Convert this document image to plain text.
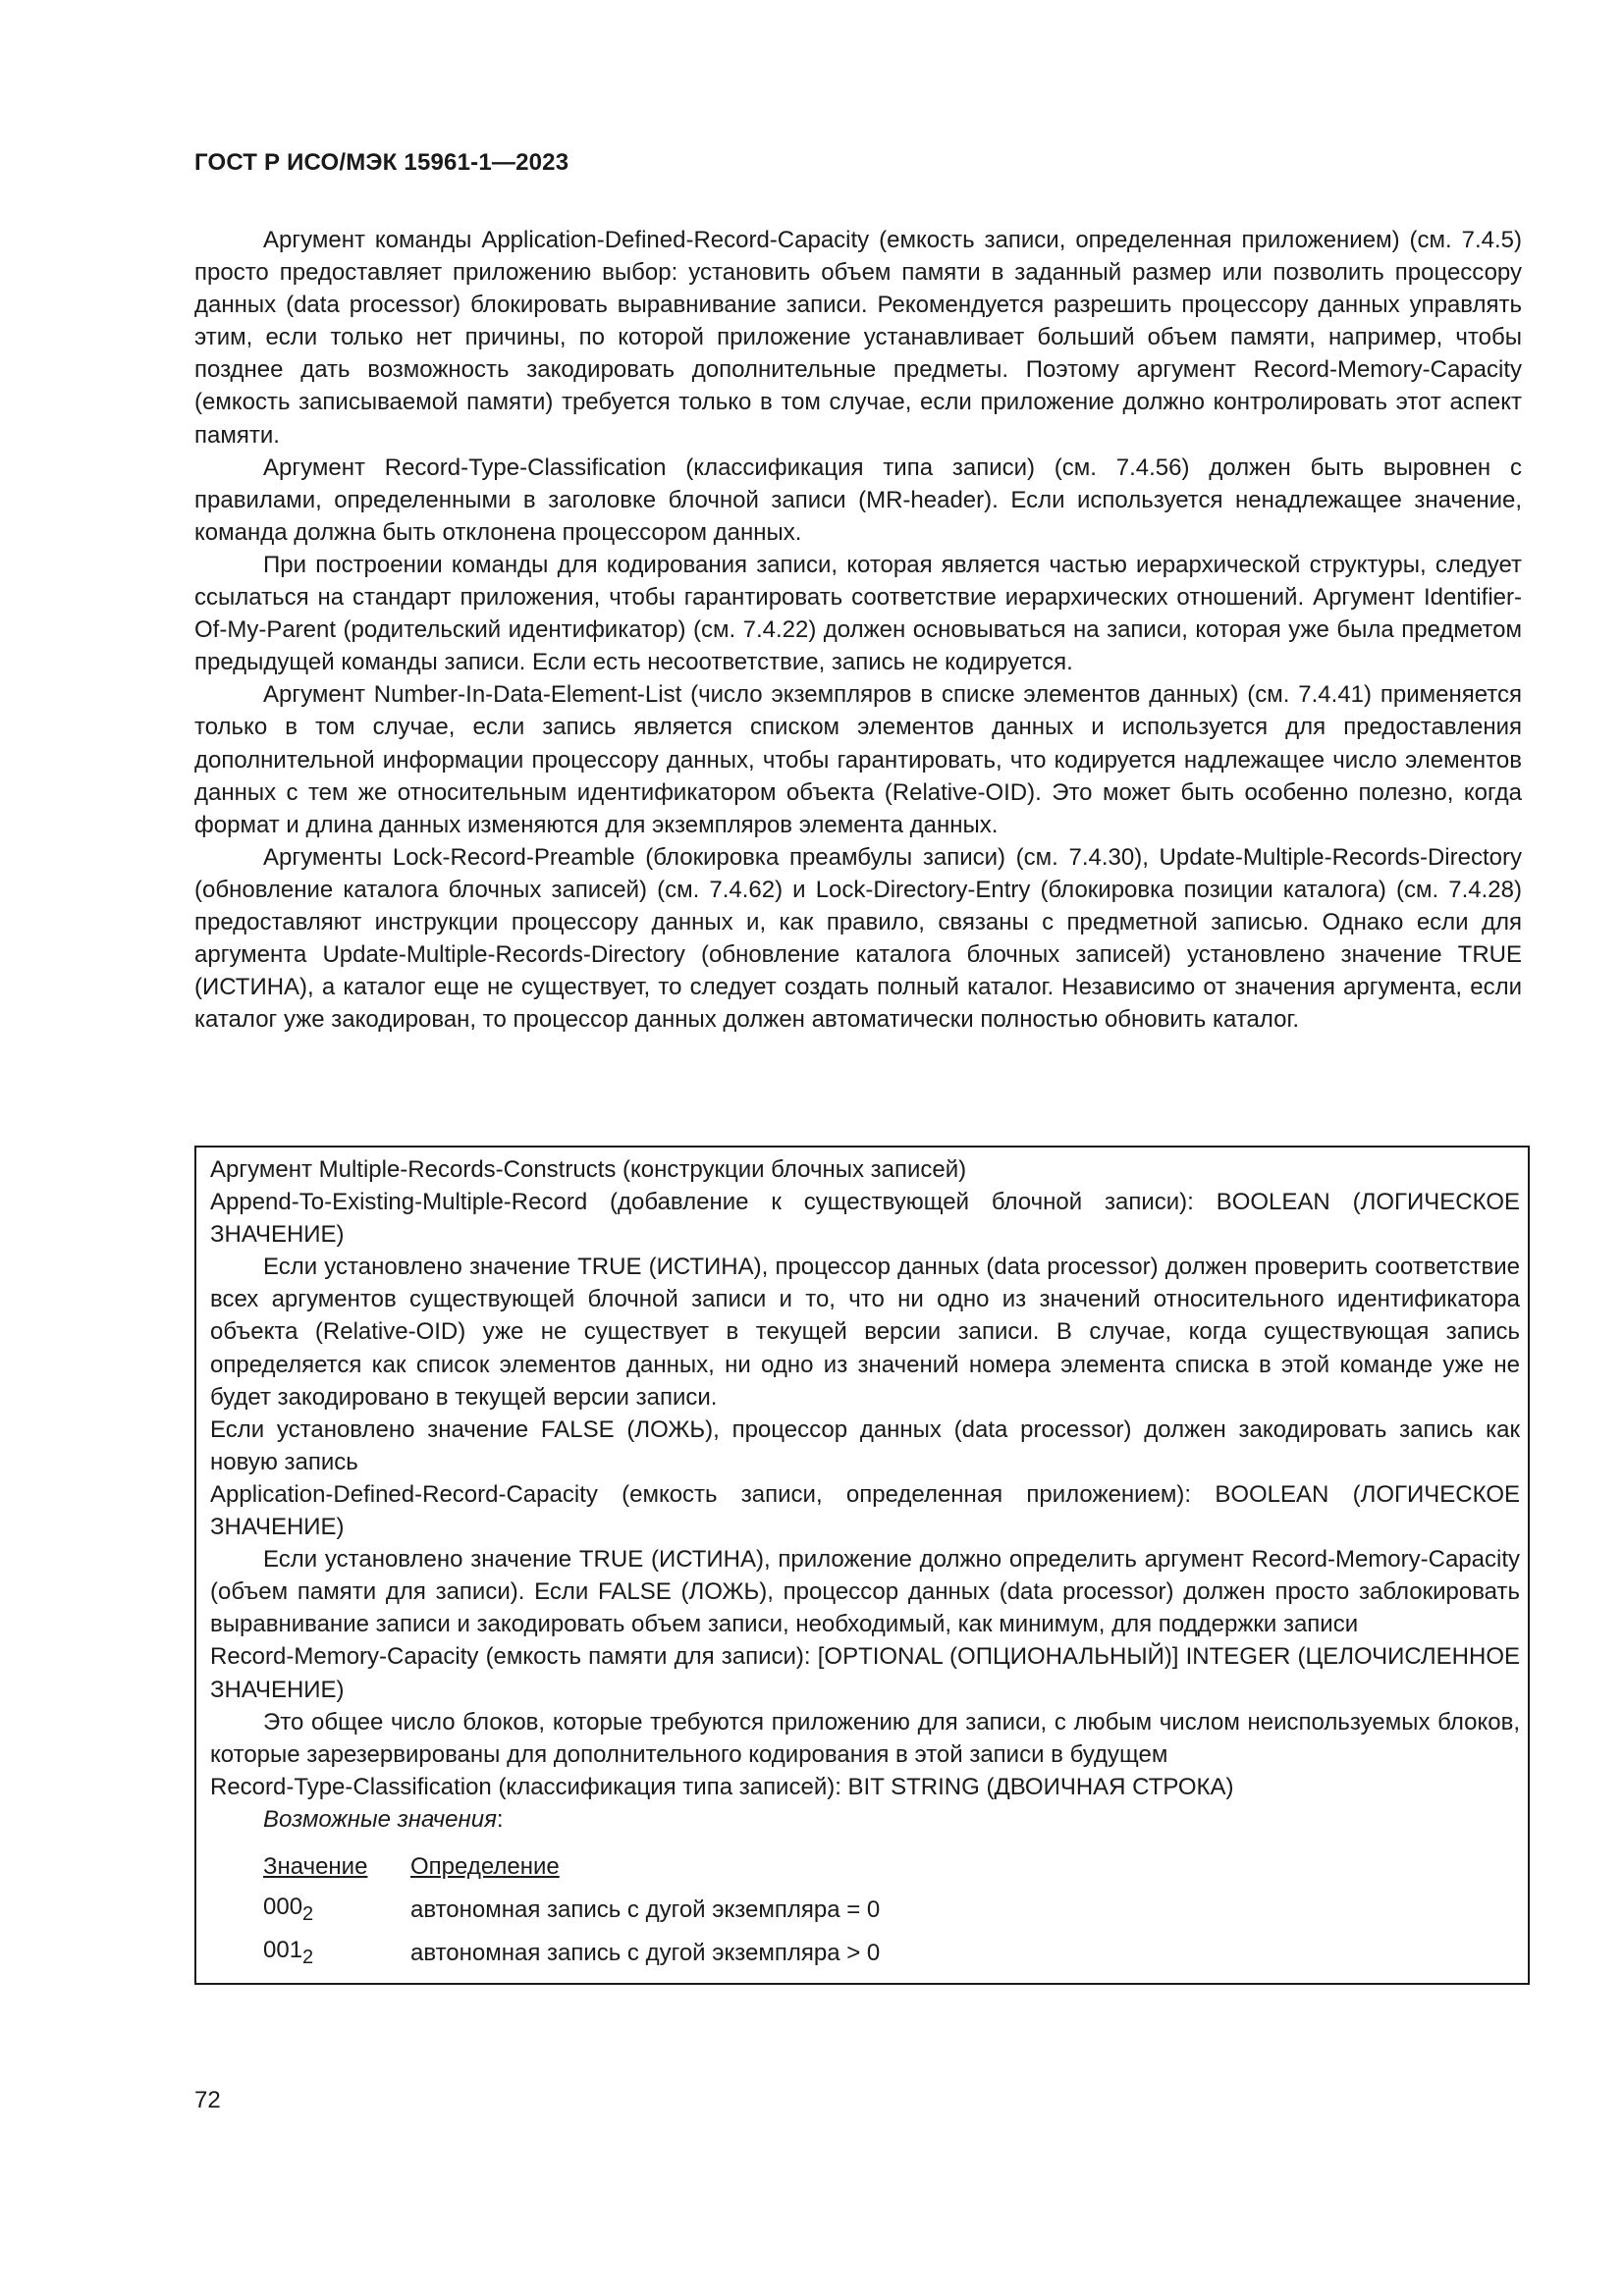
ГОСТ Р ИСО/МЭК 15961-1—2023

Аргумент команды Application-Defined-Record-Capacity (емкость записи, определенная приложением) (см. 7.4.5) просто предоставляет приложению выбор: установить объем памяти в заданный размер или позволить процессору данных (data processor) блокировать выравнивание записи. Рекомендуется разрешить процессору данных управлять этим, если только нет причины, по которой приложение устанавливает больший объем памяти, например, чтобы позднее дать возможность закодировать дополнительные предметы. Поэтому аргумент Record-Memory-Capacity (емкость записываемой памяти) требуется только в том случае, если приложение должно контролировать этот аспект памяти.

Аргумент Record-Type-Classification (классификация типа записи) (см. 7.4.56) должен быть выровнен с правилами, определенными в заголовке блочной записи (MR-header). Если используется ненадлежащее значение, команда должна быть отклонена процессором данных.

При построении команды для кодирования записи, которая является частью иерархической структуры, следует ссылаться на стандарт приложения, чтобы гарантировать соответствие иерархических отношений. Аргумент Identifier-Of-My-Parent (родительский идентификатор) (см. 7.4.22) должен основываться на записи, которая уже была предметом предыдущей команды записи. Если есть несоответствие, запись не кодируется.

Аргумент Number-In-Data-Element-List (число экземпляров в списке элементов данных) (см. 7.4.41) применяется только в том случае, если запись является списком элементов данных и используется для предоставления дополнительной информации процессору данных, чтобы гарантировать, что кодируется надлежащее число элементов данных с тем же относительным идентификатором объекта (Relative-OID). Это может быть особенно полезно, когда формат и длина данных изменяются для экземпляров элемента данных.

Аргументы Lock-Record-Preamble (блокировка преамбулы записи) (см. 7.4.30), Update-Multiple-Records-Directory (обновление каталога блочных записей) (см. 7.4.62) и Lock-Directory-Entry (блокировка позиции каталога) (см. 7.4.28) предоставляют инструкции процессору данных и, как правило, связаны с предметной записью. Однако если для аргумента Update-Multiple-Records-Directory (обновление каталога блочных записей) установлено значение TRUE (ИСТИНА), а каталог еще не существует, то следует создать полный каталог. Независимо от значения аргумента, если каталог уже закодирован, то процессор данных должен автоматически полностью обновить каталог.

Аргумент Multiple-Records-Constructs (конструкции блочных записей)

Append-To-Existing-Multiple-Record (добавление к существующей блочной записи): BOOLEAN (ЛОГИЧЕСКОЕ ЗНАЧЕНИЕ)

Если установлено значение TRUE (ИСТИНА), процессор данных (data processor) должен проверить соответствие всех аргументов существующей блочной записи и то, что ни одно из значений относительного идентификатора объекта (Relative-OID) уже не существует в текущей версии записи. В случае, когда существующая запись определяется как список элементов данных, ни одно из значений номера элемента списка в этой команде уже не будет закодировано в текущей версии записи.

Если установлено значение FALSE (ЛОЖЬ), процессор данных (data processor) должен закодировать запись как новую запись

Application-Defined-Record-Capacity (емкость записи, определенная приложением): BOOLEAN (ЛОГИЧЕСКОЕ ЗНАЧЕНИЕ)

Если установлено значение TRUE (ИСТИНА), приложение должно определить аргумент Record-Memory-Capacity (объем памяти для записи). Если FALSE (ЛОЖЬ), процессор данных (data processor) должен просто заблокировать выравнивание записи и закодировать объем записи, необходимый, как минимум, для поддержки записи

Record-Memory-Capacity (емкость памяти для записи): [OPTIONAL (ОПЦИОНАЛЬНЫЙ)] INTEGER (ЦЕЛОЧИСЛЕННОЕ ЗНАЧЕНИЕ)

Это общее число блоков, которые требуются приложению для записи, с любым числом неиспользуемых блоков, которые зарезервированы для дополнительного кодирования в этой записи в будущем

Record-Type-Classification (классификация типа записей): BIT STRING (ДВОИЧНАЯ СТРОКА)

Возможные значения:

Значение	Определение
$000_2$	автономная запись с дугой экземпляра = 0
$001_2$	автономная запись с дугой экземпляра > 0
72
